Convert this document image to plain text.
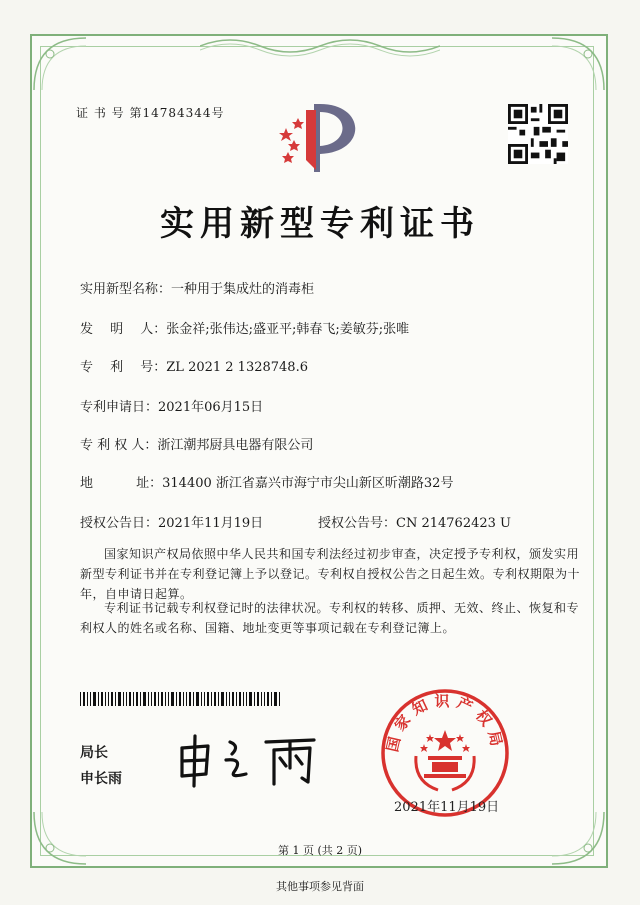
证 书 号 第14784344号
实用新型专利证书
实用新型名称：一种用于集成灶的消毒柜
发　 明　 人：张金祥;张伟达;盛亚平;韩春飞;姜敏芬;张唯
专　 利　 号：ZL 2021 2 1328748.6
专利申请日：2021年06月15日
专 利 权 人：浙江潮邦厨具电器有限公司
地　　　 址：314400 浙江省嘉兴市海宁市尖山新区昕潮路32号
授权公告日：2021年11月19日	授权公告号：CN 214762423 U
国家知识产权局依照中华人民共和国专利法经过初步审查，决定授予专利权，颁发实用新型专利证书并在专利登记簿上予以登记。专利权自授权公告之日起生效。专利权期限为十年，自申请日起算。
专利证书记载专利权登记时的法律状况。专利权的转移、质押、无效、终止、恢复和专利权人的姓名或名称、国籍、地址变更等事项记载在专利登记簿上。
局长
申长雨
国家知识产权局
2021年11月19日
第 1 页 (共 2 页)
其他事项参见背面
